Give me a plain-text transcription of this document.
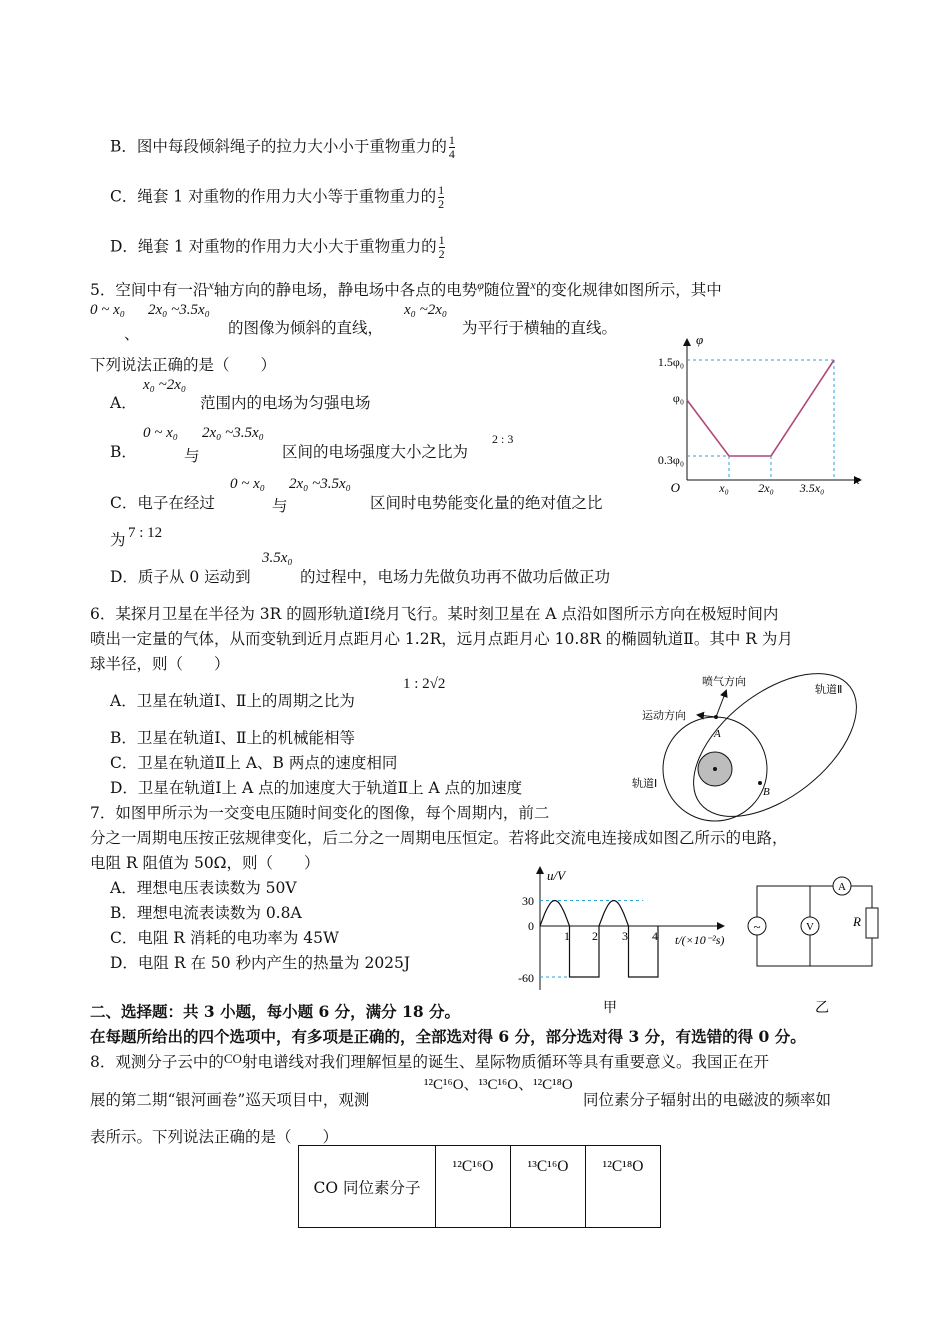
B．图中每段倾斜绳子的拉力大小小于重物重力的 $\frac{1}{4}$
C．绳套 1 对重物的作用力大小等于重物重力的 $\frac{1}{2}$
D．绳套 1 对重物的作用力大小大于重物重力的 $\frac{1}{2}$
5．空间中有一沿$^x$轴方向的静电场，静电场中各点的电势$^\varphi$随位置$^x$的变化规律如图所示，其中
0 ~ x₀
、
2x₀ ~3.5x₀
的图像为倾斜的直线，
x₀ ~2x₀
为平行于横轴的直线。
下列说法正确的是（　　）
A．
x₀ ~2x₀
范围内的电场为匀强电场
B．
0 ~ x₀
与
2x₀ ~3.5x₀
区间的电场强度大小之比为
2 : 3
C．电子在经过
0 ~ x₀
与
2x₀ ~3.5x₀
区间时电势能变化量的绝对值之比
为 7 : 12
D．质子从 0 运动到
3.5x₀
的过程中，电场力先做负功再不做功后做正功
φ
x
O
1.5φ₀
φ₀
0.3φ₀
x₀ 2x₀ 3.5x₀
6．某探月卫星在半径为 3R 的圆形轨道Ⅰ绕月飞行。某时刻卫星在 A 点沿如图所示方向在极短时间内
喷出一定量的气体，从而变轨到近月点距月心 1.2R，远月点距月心 10.8R 的椭圆轨道Ⅱ。其中 R 为月
球半径，则（　　）
A．卫星在轨道Ⅰ、Ⅱ上的周期之比为
1 : 2√2
B．卫星在轨道Ⅰ、Ⅱ上的机械能相等
C．卫星在轨道Ⅱ上 A、B 两点的速度相同
D．卫星在轨道Ⅰ上 A 点的加速度大于轨道Ⅱ上 A 点的加速度
喷气方向
运动方向
轨道Ⅱ
轨道Ⅰ
A
B
7．如图甲所示为一交变电压随时间变化的图像，每个周期内，前二
分之一周期电压按正弦规律变化，后二分之一周期电压恒定。若将此交流电连接成如图乙所示的电路，
电阻 R 阻值为 50Ω，则（　　）
A．理想电压表读数为 50V
B．理想电流表读数为 0.8A
C．电阻 R 消耗的电功率为 45W
D．电阻 R 在 50 秒内产生的热量为 2025J
u/V
t/(×10⁻²s)
30
0
-60
1 2 3 4
甲
~	V
A
R
乙
二、选择题：共 3 小题，每小题 6 分，满分 18 分。
在每题所给出的四个选项中，有多项是正确的，全部选对得 6 分，部分选对得 3 分，有选错的得 0 分。
8．观测分子云中的$^{CO}$射电谱线对我们理解恒星的诞生、星际物质循环等具有重要意义。我国正在开
展的第二期“银河画卷”巡天项目中，观测
¹²C¹⁶O、¹³C¹⁶O、¹²C¹⁸O
同位素分子辐射出的电磁波的频率如
表所示。下列说法正确的是（　　）
CO 同位素分子	¹²C¹⁶O	¹³C¹⁶O	¹²C¹⁸O
